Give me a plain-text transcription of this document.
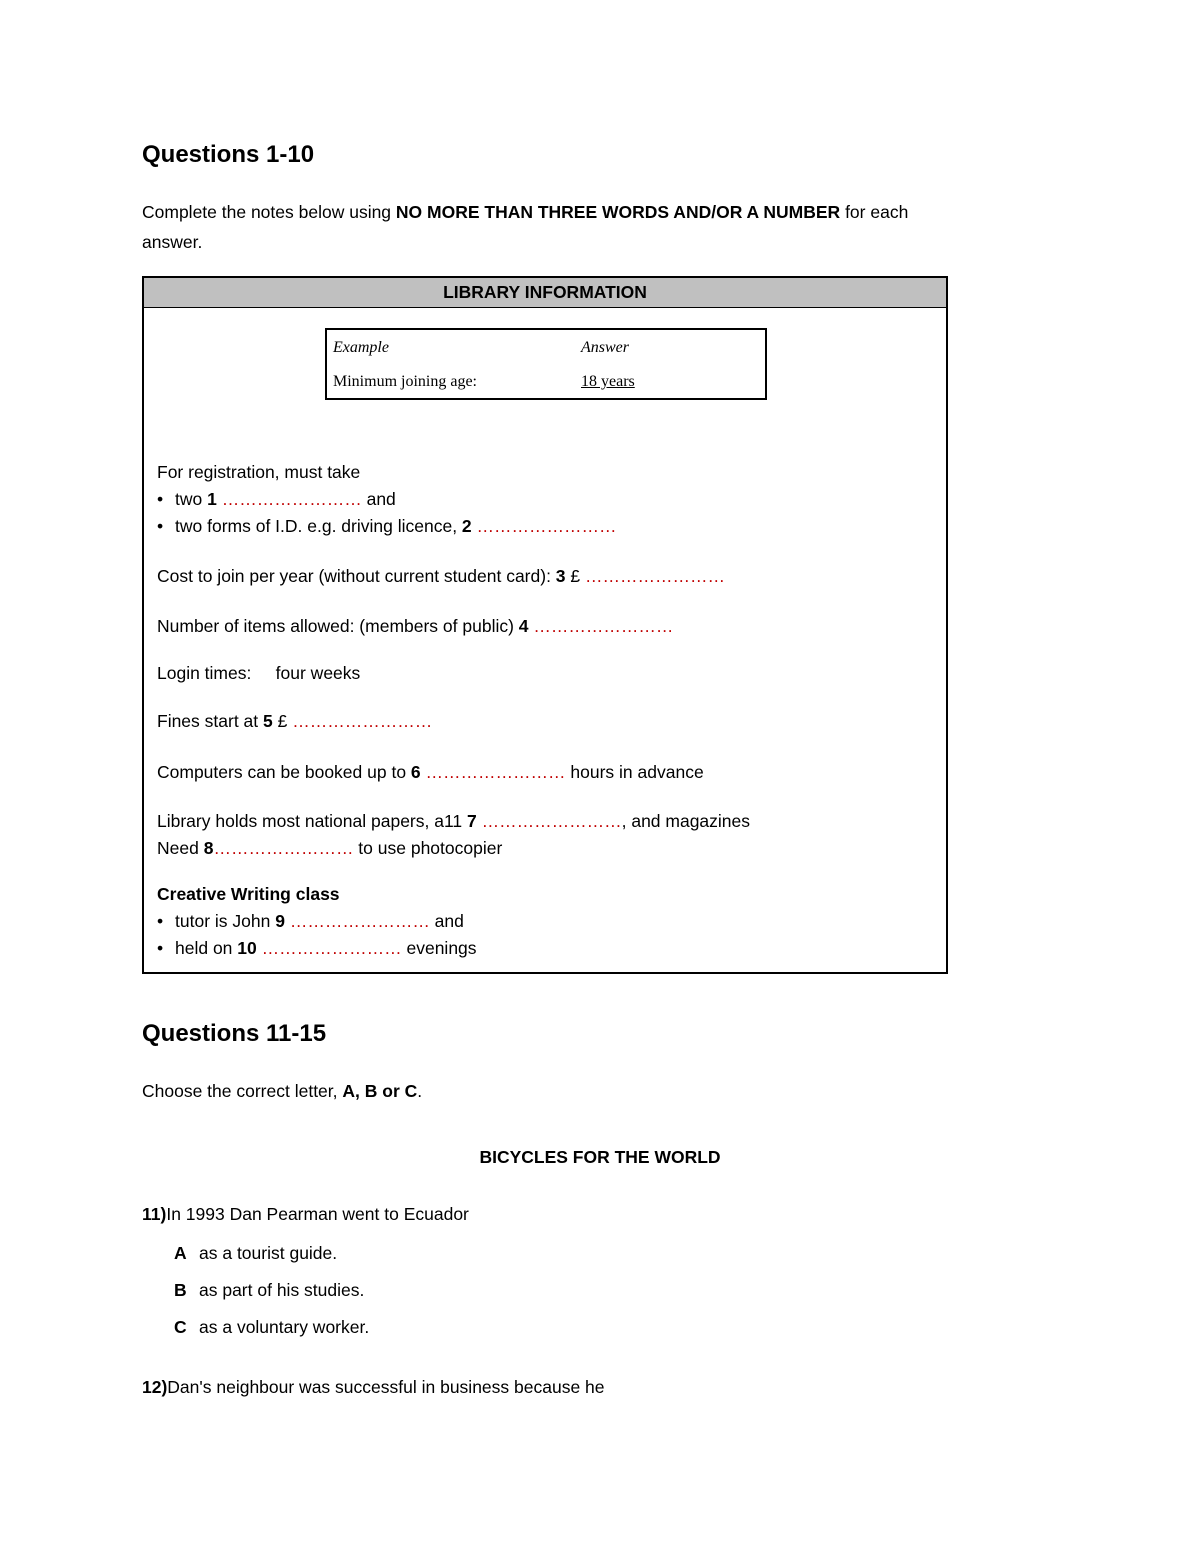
Questions 1-10
Complete the notes below using NO MORE THAN THREE WORDS AND/OR A NUMBER for each
answer.
LIBRARY INFORMATION
Example	Answer
Minimum joining age:	18 years
For registration, must take
• two 1 …………………… and
• two forms of I.D. e.g. driving licence, 2 ……………………
Cost to join per year (without current student card): 3 £ ……………………
Number of items allowed: (members of public) 4 ……………………
Login times:     four weeks
Fines start at 5 £ ……………………
Computers can be booked up to 6 …………………… hours in advance
Library holds most national papers, a11 7 ……………………, and magazines
Need 8…………………… to use photocopier
Creative Writing class
• tutor is John 9 …………………… and
• held on 10 …………………… evenings
Questions 11-15
Choose the correct letter, A, B or C.
BICYCLES FOR THE WORLD
11)In 1993 Dan Pearman went to Ecuador
A as a tourist guide.
B as part of his studies.
C as a voluntary worker.
12)Dan's neighbour was successful in business because he
